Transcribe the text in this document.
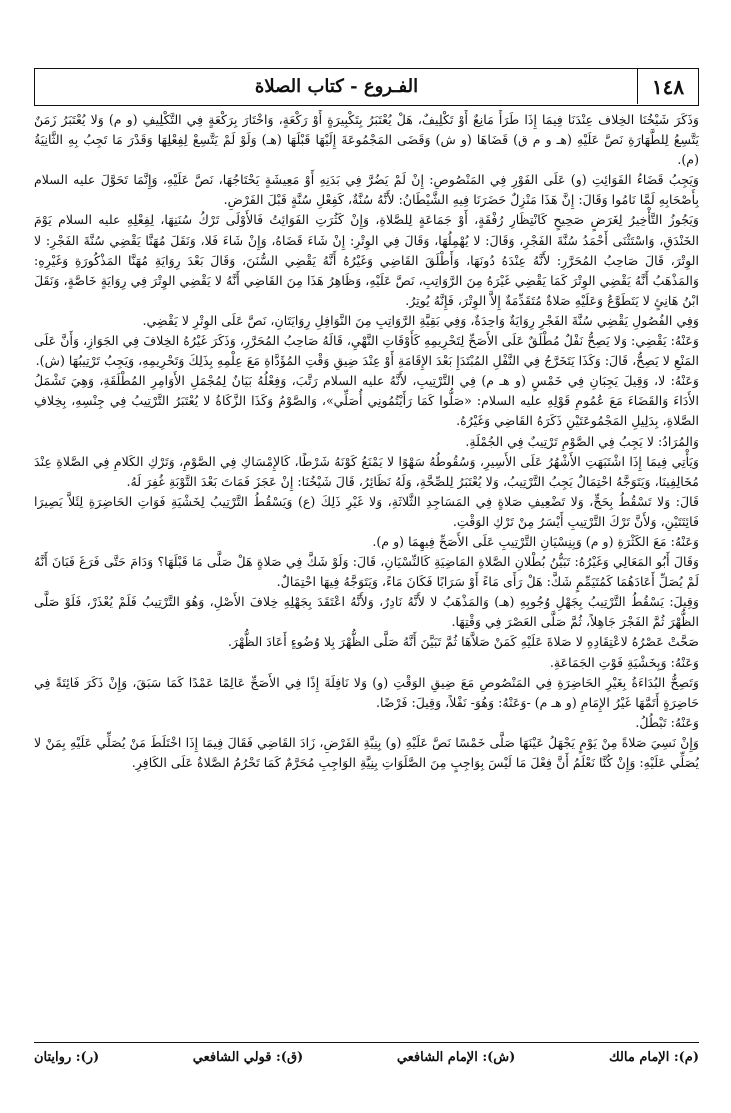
١٤٨
الفـروع - كتاب الصلاة

وَذَكَرَ شَيْخُنَا الخِلاف عِنْدَنَا فِيمَا إِذَا طَرَأَ مَانِعٌ أَوْ تَكْلِيفٌ، هَلْ يُعْتَبَرُ بِتَكْبِيرَةٍ أَوْ رَكْعَةٍ، وَاخْتَارَ بِرَكْعَةٍ فِي التَّكْلِيفِ (و م) وَلا يُعْتَبَرُ زَمَنٌ يَتَّسِعُ لِلطَّهَارَةِ نَصَّ عَلَيْهِ (هـ و م ق) قَضَاهَا (و ش) وَقَضَى المَجْمُوعَةَ إِلَيْهَا قَبْلَهَا (هـ) وَلَوْ لَمْ يَتَّسِعْ لِفِعْلِهَا وَقَدْرَ مَا تَجِبُ بِهِ الثَّانِيَةُ (م).

وَيَجِبُ قَضَاءُ الفَوَائِتِ (و) عَلَى الفَوْرِ فِي المَنْصُوصِ: إِنْ لَمْ يَضُرَّ فِي بَدَنِهِ أَوْ مَعِيشَةٍ يَحْتَاجُهَا، نَصَّ عَلَيْهِ، وَإِنَّمَا تَحَوَّلَ عليه السلام بِأَصْحَابِهِ لَمَّا نَامُوا وَقَالَ: إِنَّ هَذَا مَنْزِلٌ حَضَرَنَا فِيهِ الشَّيْطَانُ: لأَنَّهُ سُنَّةٌ، كَفِعْلِ سُنَّةٍ قَبْلَ الفَرْضِ.

وَيَجُوزُ التَّأْخِيرُ لِغَرَضٍ صَحِيحٍ كَانْتِظَارِ رُفْقَةٍ، أَوْ جَمَاعَةٍ لِلصَّلاةِ، وَإِنْ كَثُرَتِ الفَوَائِتُ فَالأَوْلَى تَرْكُ سُنَنِهَا، لِفِعْلِهِ عليه السلام يَوْمَ الخَنْدَقِ، وَاسْتَثْنَى أَحْمَدُ سُنَّةَ الفَجْرِ، وَقَالَ: لا يُهْمِلُهَا، وَقَالَ فِي الوِتْرِ: إِنْ شَاءَ قَضَاهُ، وَإِنْ شَاءَ فَلا، وَنَقَلَ مُهَنَّا يَقْضِي سُنَّةَ الفَجْرِ: لا الوِتْرَ، قَالَ صَاحِبُ المُحَرَّرِ: لأَنَّهُ عِنْدَهُ دُونَهَا، وَأَطْلَقَ القَاضِي وَغَيْرُهُ أَنَّهُ يَقْضِي السُّنَنَ، وَقَالَ بَعْدَ رِوَايَةِ مُهَنَّا المَذْكُورَةِ وَغَيْرِهِ: وَالمَذْهَبُ أَنَّهُ يَقْضِي الوِتْرَ كَمَا يَقْضِي غَيْرَهُ مِنَ الرَّوَاتِبِ، نَصَّ عَلَيْهِ، وَظَاهِرُ هَذَا مِنَ القَاضِي أَنَّهُ لا يَقْضِي الوِتْرَ فِي رِوَايَةٍ خَاصَّةٍ، وَنَقَلَ ابْنُ هَانِئٍ لا يَتَطَوَّعُ وَعَلَيْهِ صَلاةٌ مُتَقَدِّمَةٌ إِلاَّ الوِتْرَ، فَإِنَّهُ يُوتِرُ.

وَفِي الفُصُولِ يَقْضِي سُنَّةَ الفَجْرِ رِوَايَةٌ وَاحِدَةٌ، وَفِي بَقِيَّةِ الرَّوَاتِبِ مِنَ النَّوَافِلِ رِوَايَتَانِ، نَصَّ عَلَى الوِتْرِ لا يَقْضِي.

وَعَنْهُ: يَقْضِي: وَلا يَصِحُّ نَفْلٌ مُطْلَقٌ عَلَى الأَصَحِّ لِتَحْرِيمِهِ كَأَوْقَاتِ النَّهْيِ، قَالَهُ صَاحِبُ المُحَرَّرِ، وَذَكَرَ غَيْرُهُ الخِلافَ فِي الجَوَازِ، وَأَنَّ عَلَى المَنْعِ لا يَصِحُّ، قَالَ: وَكَذَا يَتَخَرَّجُ فِي النَّفْلِ المُبْتَدَإِ بَعْدَ الإِقَامَةِ أَوْ عِنْدَ ضِيقِ وَقْتِ المُؤَدَّاةِ مَعَ عِلْمِهِ بِذَلِكَ وَتَحْرِيمِهِ، وَيَجِبُ تَرْتِيبُهَا (ش).

وَعَنْهُ: لا، وَقِيلَ يَجِبَانِ فِي خَمْسٍ (و هـ م) فِي التَّرْتِيبِ، لأَنَّهُ عليه السلام رَتَّبَ، وَفِعْلُهُ بَيَانٌ لِمُجْمَلِ الأَوَامِرِ المُطْلَقَةِ، وَهِيَ تَشْمَلُ الأَدَاءَ وَالقَضَاءَ مَعَ عُمُومِ قَوْلِهِ عليه السلام: «صَلُّوا كَمَا رَأَيْتُمُونِي أُصَلِّي»، وَالصَّوْمُ وَكَذَا الزَّكَاةُ لا يُعْتَبَرُ التَّرْتِيبُ فِي جِنْسِهِ، بِخِلافِ الصَّلاةِ، بِدَلِيلِ المَجْمُوعَتَيْنِ ذَكَرَهُ القَاضِي وَغَيْرُهُ.

وَالمُرَادُ: لا يَجِبُ فِي الصَّوْمِ تَرْتِيبٌ فِي الجُمْلَةِ.

وَيَأْتِي فِيمَا إِذَا اشْتَبَهَتِ الأَشْهُرُ عَلَى الأَسِيرِ، وَسُقُوطُهُ سَهْوًا لا يَمْنَعُ كَوْنَهُ شَرْطًا، كَالإِمْسَاكِ فِي الصَّوْمِ، وَتَرْكِ الكَلامِ فِي الصَّلاةِ عِنْدَ مُخَالِفِينَا، وَيَتَوَجَّهُ احْتِمَالٌ يَجِبُ التَّرْتِيبُ، وَلا يُعْتَبَرُ لِلصِّحَّةِ، وَلَهُ نَظَائِرُ، قَالَ شَيْخُنَا: إِنْ عَجَزَ فَمَاتَ بَعْدَ التَّوْبَةِ غُفِرَ لَهُ.

قَالَ: وَلا تَسْقُطُ بِحَجٍّ، وَلا تَضْعِيفِ صَلاةٍ فِي المَسَاجِدِ الثَّلاثَةِ، وَلا غَيْرِ ذَلِكَ (ع) وَيَسْقُطُ التَّرْتِيبُ لِخَشْيَةِ فَوَاتِ الحَاضِرَةِ لِئَلاَّ يَصِيرَا فَائِتَتَيْنِ، وَلأَنَّ تَرْكَ التَّرْتِيبِ أَيْسَرُ مِنْ تَرْكِ الوَقْتِ.

وَعَنْهُ: مَعَ الكَثْرَةِ (و م) وَبِنِسْيَانِ التَّرْتِيبِ عَلَى الأَصَحِّ فِيهِمَا (و م).

وَقَالَ أَبُو المَعَالِي وَغَيْرُهُ: تَبَيُّنُ بُطْلانِ الصَّلاةِ المَاضِيَةِ كَالنِّسْيَانِ، قَالَ: وَلَوْ شَكَّ فِي صَلاةٍ هَلْ صَلَّى مَا قَبْلَهَا؟ وَدَامَ حَتَّى فَرَغَ فَبَانَ أَنَّهُ لَمْ يُصَلِّ أَعَادَهُمَا كَمُتَيَمِّمٍ شَكَّ: هَلْ رَأَى مَاءً أَوْ سَرَابًا فَكَانَ مَاءً، وَيَتَوَجَّهُ فِيهَا احْتِمَالٌ.

وَقِيلَ: يَسْقُطُ التَّرْتِيبُ بِجَهْلِ وُجُوبِهِ (هـ) وَالمَذْهَبُ لا لأَنَّهُ نَادِرٌ، وَلأَنَّهُ اعْتَقَدَ بِجَهْلِهِ خِلافَ الأَصْلِ، وَهُوَ التَّرْتِيبُ فَلَمْ يُعْذَرْ، فَلَوْ صَلَّى الظُّهْرَ ثُمَّ الفَجْرَ جَاهِلاً، ثُمَّ صَلَّى العَصْرَ فِي وَقْتِهَا.

صَحَّتْ عَصْرُهُ لاعْتِقَادِهِ لا صَلاةَ عَلَيْهِ كَمَنْ صَلاَّهَا ثُمَّ تَبَيَّنَ أَنَّهُ صَلَّى الظُّهْرَ بِلا وُضُوءٍ أَعَادَ الظُّهْرَ.

وَعَنْهُ: وَبِخَشْيَةِ فَوْتِ الجَمَاعَةِ.

وَتَصِحُّ البُدَاءَةُ بِغَيْرِ الحَاضِرَةِ فِي المَنْصُوصِ مَعَ ضِيقِ الوَقْتِ (و) وَلا نَافِلَةَ إِذًا فِي الأَصَحِّ عَالِمًا عَمْدًا كَمَا سَبَقَ، وَإِنْ ذَكَرَ فَائِتَةً فِي حَاضِرَةٍ أَتَمَّهَا غَيْرُ الإِمَامِ (و هـ م) -وَعَنْهُ: وَهُوَ- نَفْلاً، وَقِيلَ: فَرْضًا.

وَعَنْهُ: تَبْطُلُ.

وَإِنْ نَسِيَ صَلاةً مِنْ يَوْمٍ يَجْهَلُ عَيْنَهَا صَلَّى خَمْسًا نَصَّ عَلَيْهِ (و) بِنِيَّةِ الفَرْضِ، زَادَ القَاضِي فَقَالَ فِيمَا إِذَا اخْتَلَطَ مَنْ يُصَلِّي عَلَيْهِ بِمَنْ لا يُصَلِّي عَلَيْهِ: وَإِنْ كُنَّا نَعْلَمُ أَنَّ فِعْلَ مَا لَيْسَ بِوَاجِبٍ مِنَ الصَّلَوَاتِ بِنِيَّةِ الوَاجِبِ مُحَرَّمٌ كَمَا تَحْرُمُ الصَّلاةُ عَلَى الكَافِرِ.

(م): الإمام مالك
(ش): الإمام الشافعي
(ق): قولي الشافعي
(ر): روايتان
